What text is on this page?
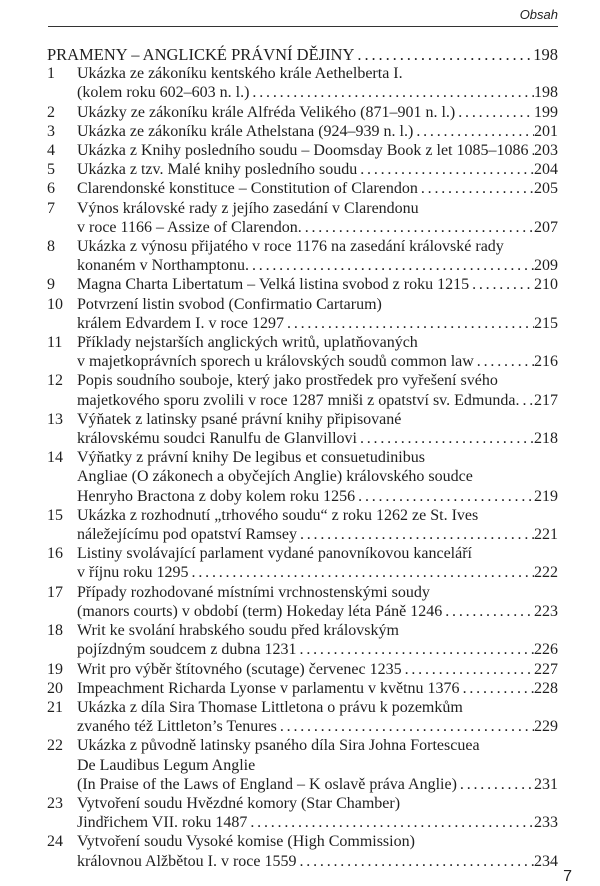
Obsah
PRAMENY – ANGLICKÉ PRÁVNÍ DĚJINY . . .	198
1	Ukázka ze zákoníku kentského krále Aethelberta I.
(kolem roku 602–603 n. l.) . . .	198
2	Ukázky ze zákoníku krále Alfréda Velikého (871–901 n. l.) . . .	199
3	Ukázka ze zákoníku krále Athelstana (924–939 n. l.) . . .	201
4	Ukázka z Knihy posledního soudu – Doomsday Book z let 1085–1086 . . . 203
5	Ukázka z tzv. Malé knihy posledního soudu . . .	204
6	Clarendonské konstituce – Constitution of Clarendon . . .	205
7	Výnos královské rady z jejího zasedání v Clarendonu
v roce 1166 – Assize of Clarendon. . . .	207
8	Ukázka z výnosu přijatého v roce 1176 na zasedání královské rady
konaném v Northamptonu. . . .	209
9	Magna Charta Libertatum – Velká listina svobod z roku 1215 . . .	210
10 Potvrzení listin svobod (Confirmatio Cartarum)
králem Edvardem I. v roce 1297 . . .	215
11 Příklady nejstarších anglických writů, uplatňovaných
v majetkoprávních sporech u královských soudů common law . . .	216
12 Popis soudního souboje, který jako prostředek pro vyřešení svého
majetkového sporu zvolili v roce 1287 mniši z opatství sv. Edmunda. . . . 217
13 Výňatek z latinsky psané právní knihy připisované
královskému soudci Ranulfu de Glanvillovi . . .	218
14 Výňatky z právní knihy De legibus et consuetudinibus
Angliae (O zákonech a obyčejích Anglie) královského soudce
Henryho Bractona z doby kolem roku 1256 . . .	219
15 Ukázka z rozhodnutí „trhového soudu“ z roku 1262 ze St. Ives
náležejícímu pod opatství Ramsey . . .	221
16 Listiny svolávající parlament vydané panovníkovou kanceláří
v říjnu roku 1295 . . .	222
17 Případy rozhodované místními vrchnostenskými soudy
(manors courts) v období (term) Hokeday léta Páně 1246 . . .	223
18 Writ ke svolání hrabského soudu před královským
pojízdným soudcem z dubna 1231 . . .	226
19 Writ pro výběr štítovného (scutage) červenec 1235 . . .	227
20 Impeachment Richarda Lyonse v parlamentu v květnu 1376 . . .	228
21 Ukázka z díla Sira Thomase Littletona o právu k pozemkům
zvaného též Littleton’s Tenures . . .	229
22 Ukázka z původně latinsky psaného díla Sira Johna Fortescuea
De Laudibus Legum Anglie
(In Praise of the Laws of England – K oslavě práva Anglie) . . .	231
23 Vytvoření soudu Hvězdné komory (Star Chamber)
Jindřichem VII. roku 1487 . . .	233
24 Vytvoření soudu Vysoké komise (High Commission)
královnou Alžbětou I. v roce 1559 . . .	234
7
